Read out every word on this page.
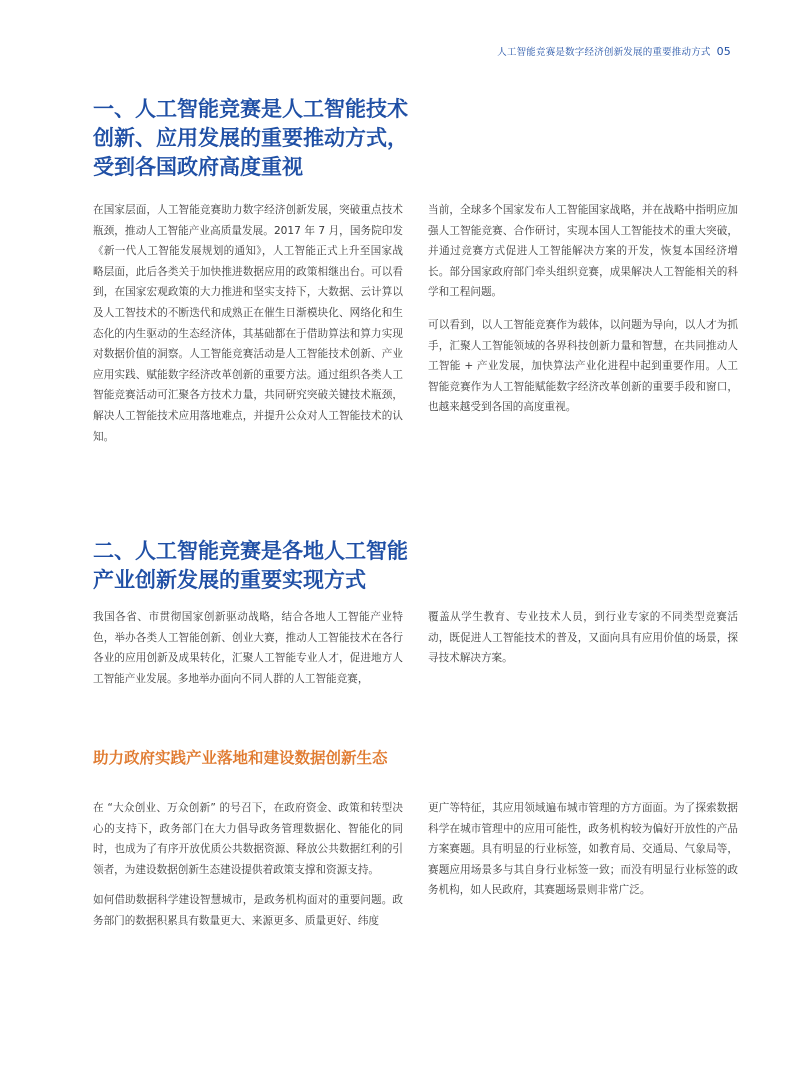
人工智能竞赛是数字经济创新发展的重要推动方式 05
一、人工智能竞赛是人工智能技术创新、应用发展的重要推动方式，受到各国政府高度重视

在国家层面，人工智能竞赛助力数字经济创新发展，突破重点技术瓶颈，推动人工智能产业高质量发展。2017 年 7 月，国务院印发《新一代人工智能发展规划的通知》，人工智能正式上升至国家战略层面，此后各类关于加快推进数据应用的政策相继出台。可以看到，在国家宏观政策的大力推进和坚实支持下，大数据、云计算以及人工智技术的不断迭代和成熟正在催生日渐模块化、网络化和生态化的内生驱动的生态经济体，其基础都在于借助算法和算力实现对数据价值的洞察。人工智能竞赛活动是人工智能技术创新、产业应用实践、赋能数字经济改革创新的重要方法。通过组织各类人工智能竞赛活动可汇聚各方技术力量，共同研究突破关键技术瓶颈，解决人工智能技术应用落地难点，并提升公众对人工智能技术的认知。

当前，全球多个国家发布人工智能国家战略，并在战略中指明应加强人工智能竞赛、合作研讨，实现本国人工智能技术的重大突破，并通过竞赛方式促进人工智能解决方案的开发，恢复本国经济增长。部分国家政府部门牵头组织竞赛，成果解决人工智能相关的科学和工程问题。

可以看到，以人工智能竞赛作为载体，以问题为导向，以人才为抓手，汇聚人工智能领域的各界科技创新力量和智慧，在共同推动人工智能 + 产业发展，加快算法产业化进程中起到重要作用。人工智能竞赛作为人工智能赋能数字经济改革创新的重要手段和窗口，也越来越受到各国的高度重视。

二、人工智能竞赛是各地人工智能产业创新发展的重要实现方式

我国各省、市贯彻国家创新驱动战略，结合各地人工智能产业特色，举办各类人工智能创新、创业大赛，推动人工智能技术在各行各业的应用创新及成果转化，汇聚人工智能专业人才，促进地方人工智能产业发展。多地举办面向不同人群的人工智能竞赛，

覆盖从学生教育、专业技术人员，到行业专家的不同类型竞赛活动，既促进人工智能技术的普及，又面向具有应用价值的场景，探寻技术解决方案。

助力政府实践产业落地和建设数据创新生态

在 “大众创业、万众创新” 的号召下，在政府资金、政策和转型决心的支持下，政务部门在大力倡导政务管理数据化、智能化的同时，也成为了有序开放优质公共数据资源、释放公共数据红利的引领者，为建设数据创新生态建设提供着政策支撑和资源支持。

如何借助数据科学建设智慧城市，是政务机构面对的重要问题。政务部门的数据积累具有数量更大、来源更多、质量更好、纬度

更广等特征，其应用领域遍布城市管理的方方面面。为了探索数据科学在城市管理中的应用可能性，政务机构较为偏好开放性的产品方案赛题。具有明显的行业标签，如教育局、交通局、气象局等，赛题应用场景多与其自身行业标签一致；而没有明显行业标签的政务机构，如人民政府，其赛题场景则非常广泛。
